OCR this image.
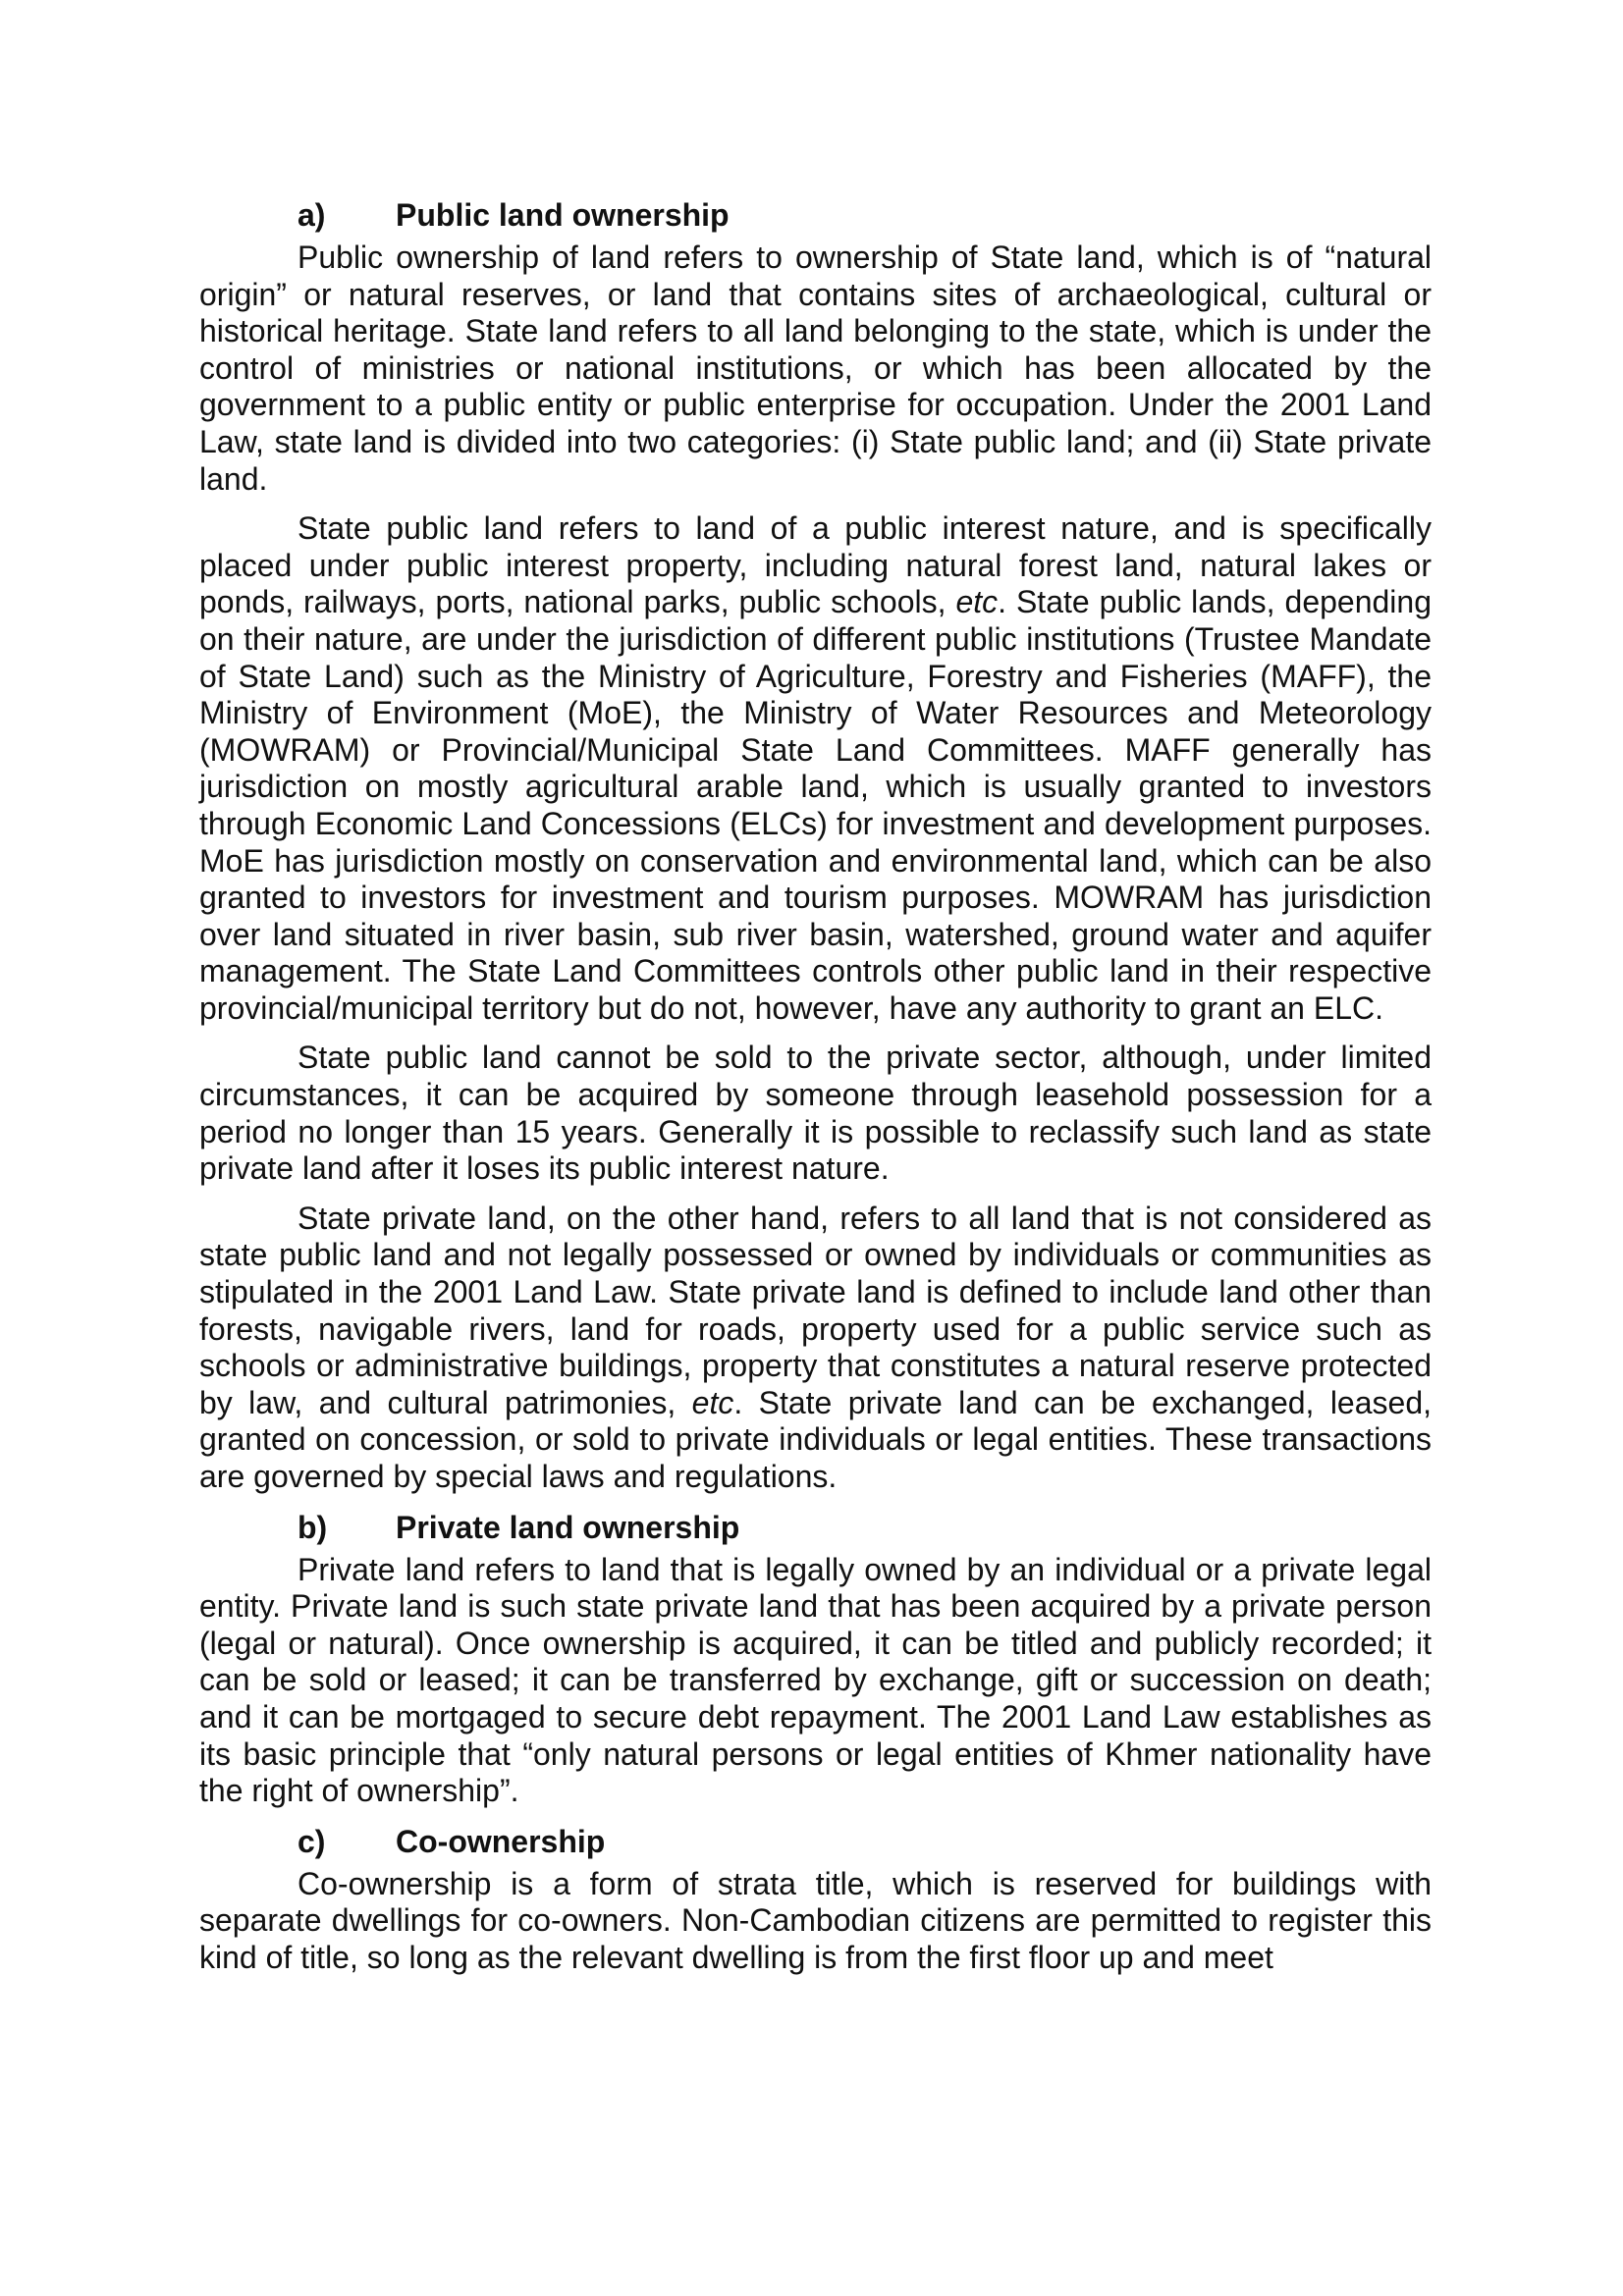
a)	Public land ownership

Public ownership of land refers to ownership of State land, which is of “natural origin” or natural reserves, or land that contains sites of archaeological, cultural or historical heritage. State land refers to all land belonging to the state, which is under the control of ministries or national institutions, or which has been allocated by the government to a public entity or public enterprise for occupation. Under the 2001 Land Law, state land is divided into two categories: (i) State public land; and (ii) State private land.

State public land refers to land of a public interest nature, and is specifically placed under public interest property, including natural forest land, natural lakes or ponds, railways, ports, national parks, public schools, etc. State public lands, depending on their nature, are under the jurisdiction of different public institutions (Trustee Mandate of State Land) such as the Ministry of Agriculture, Forestry and Fisheries (MAFF), the Ministry of Environment (MoE), the Ministry of Water Resources and Meteorology (MOWRAM) or Provincial/Municipal State Land Committees. MAFF generally has jurisdiction on mostly agricultural arable land, which is usually granted to investors through Economic Land Concessions (ELCs) for investment and development purposes. MoE has jurisdiction mostly on conservation and environmental land, which can be also granted to investors for investment and tourism purposes. MOWRAM has jurisdiction over land situated in river basin, sub river basin, watershed, ground water and aquifer management. The State Land Committees controls other public land in their respective provincial/municipal territory but do not, however, have any authority to grant an ELC.

State public land cannot be sold to the private sector, although, under limited circumstances, it can be acquired by someone through leasehold possession for a period no longer than 15 years. Generally it is possible to reclassify such land as state private land after it loses its public interest nature.

State private land, on the other hand, refers to all land that is not considered as state public land and not legally possessed or owned by individuals or communities as stipulated in the 2001 Land Law. State private land is defined to include land other than forests, navigable rivers, land for roads, property used for a public service such as schools or administrative buildings, property that constitutes a natural reserve protected by law, and cultural patrimonies, etc. State private land can be exchanged, leased, granted on concession, or sold to private individuals or legal entities. These transactions are governed by special laws and regulations.

b)	Private land ownership

Private land refers to land that is legally owned by an individual or a private legal entity. Private land is such state private land that has been acquired by a private person (legal or natural). Once ownership is acquired, it can be titled and publicly recorded; it can be sold or leased; it can be transferred by exchange, gift or succession on death; and it can be mortgaged to secure debt repayment. The 2001 Land Law establishes as its basic principle that “only natural persons or legal entities of Khmer nationality have the right of ownership”.

c)	Co-ownership

Co-ownership is a form of strata title, which is reserved for buildings with separate dwellings for co-owners. Non-Cambodian citizens are permitted to register this kind of title, so long as the relevant dwelling is from the first floor up and meet
